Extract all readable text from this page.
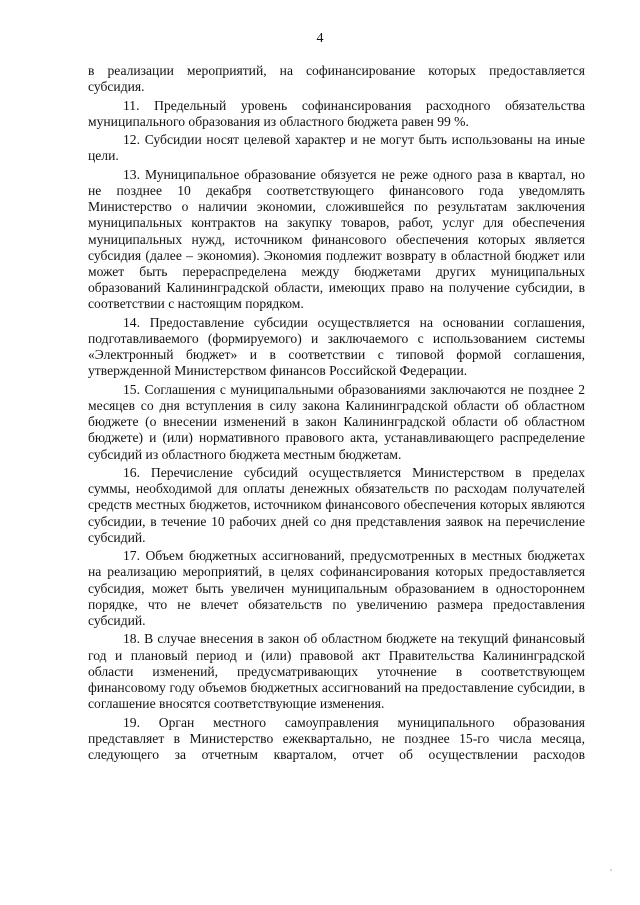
4

в реализации мероприятий, на софинансирование которых предоставляется субсидия.

11. Предельный уровень софинансирования расходного обязательства муниципального образования из областного бюджета равен 99 %.

12. Субсидии носят целевой характер и не могут быть использованы на иные цели.

13. Муниципальное образование обязуется не реже одного раза в квартал, но не позднее 10 декабря соответствующего финансового года уведомлять Министерство о наличии экономии, сложившейся по результатам заключения муниципальных контрактов на закупку товаров, работ, услуг для обеспечения муниципальных нужд, источником финансового обеспечения которых является субсидия (далее – экономия). Экономия подлежит возврату в областной бюджет или может быть перераспределена между бюджетами других муниципальных образований Калининградской области, имеющих право на получение субсидии, в соответствии с настоящим порядком.

14. Предоставление субсидии осуществляется на основании соглашения, подготавливаемого (формируемого) и заключаемого с использованием системы «Электронный бюджет» и в соответствии с типовой формой соглашения, утвержденной Министерством финансов Российской Федерации.

15. Соглашения с муниципальными образованиями заключаются не позднее 2 месяцев со дня вступления в силу закона Калининградской области об областном бюджете (о внесении изменений в закон Калининградской области об областном бюджете) и (или) нормативного правового акта, устанавливающего распределение субсидий из областного бюджета местным бюджетам.

16. Перечисление субсидий осуществляется Министерством в пределах суммы, необходимой для оплаты денежных обязательств по расходам получателей средств местных бюджетов, источником финансового обеспечения которых являются субсидии, в течение 10 рабочих дней со дня представления заявок на перечисление субсидий.

17. Объем бюджетных ассигнований, предусмотренных в местных бюджетах на реализацию мероприятий, в целях софинансирования которых предоставляется субсидия, может быть увеличен муниципальным образованием в одностороннем порядке, что не влечет обязательств по увеличению размера предоставления субсидий.

18. В случае внесения в закон об областном бюджете на текущий финансовый год и плановый период и (или) правовой акт Правительства Калининградской области изменений, предусматривающих уточнение в соответствующем финансовому году объемов бюджетных ассигнований на предоставление субсидии, в соглашение вносятся соответствующие изменения.

19. Орган местного самоуправления муниципального образования представляет в Министерство ежеквартально, не позднее 15-го числа месяца, следующего за отчетным кварталом, отчет об осуществлении расходов
